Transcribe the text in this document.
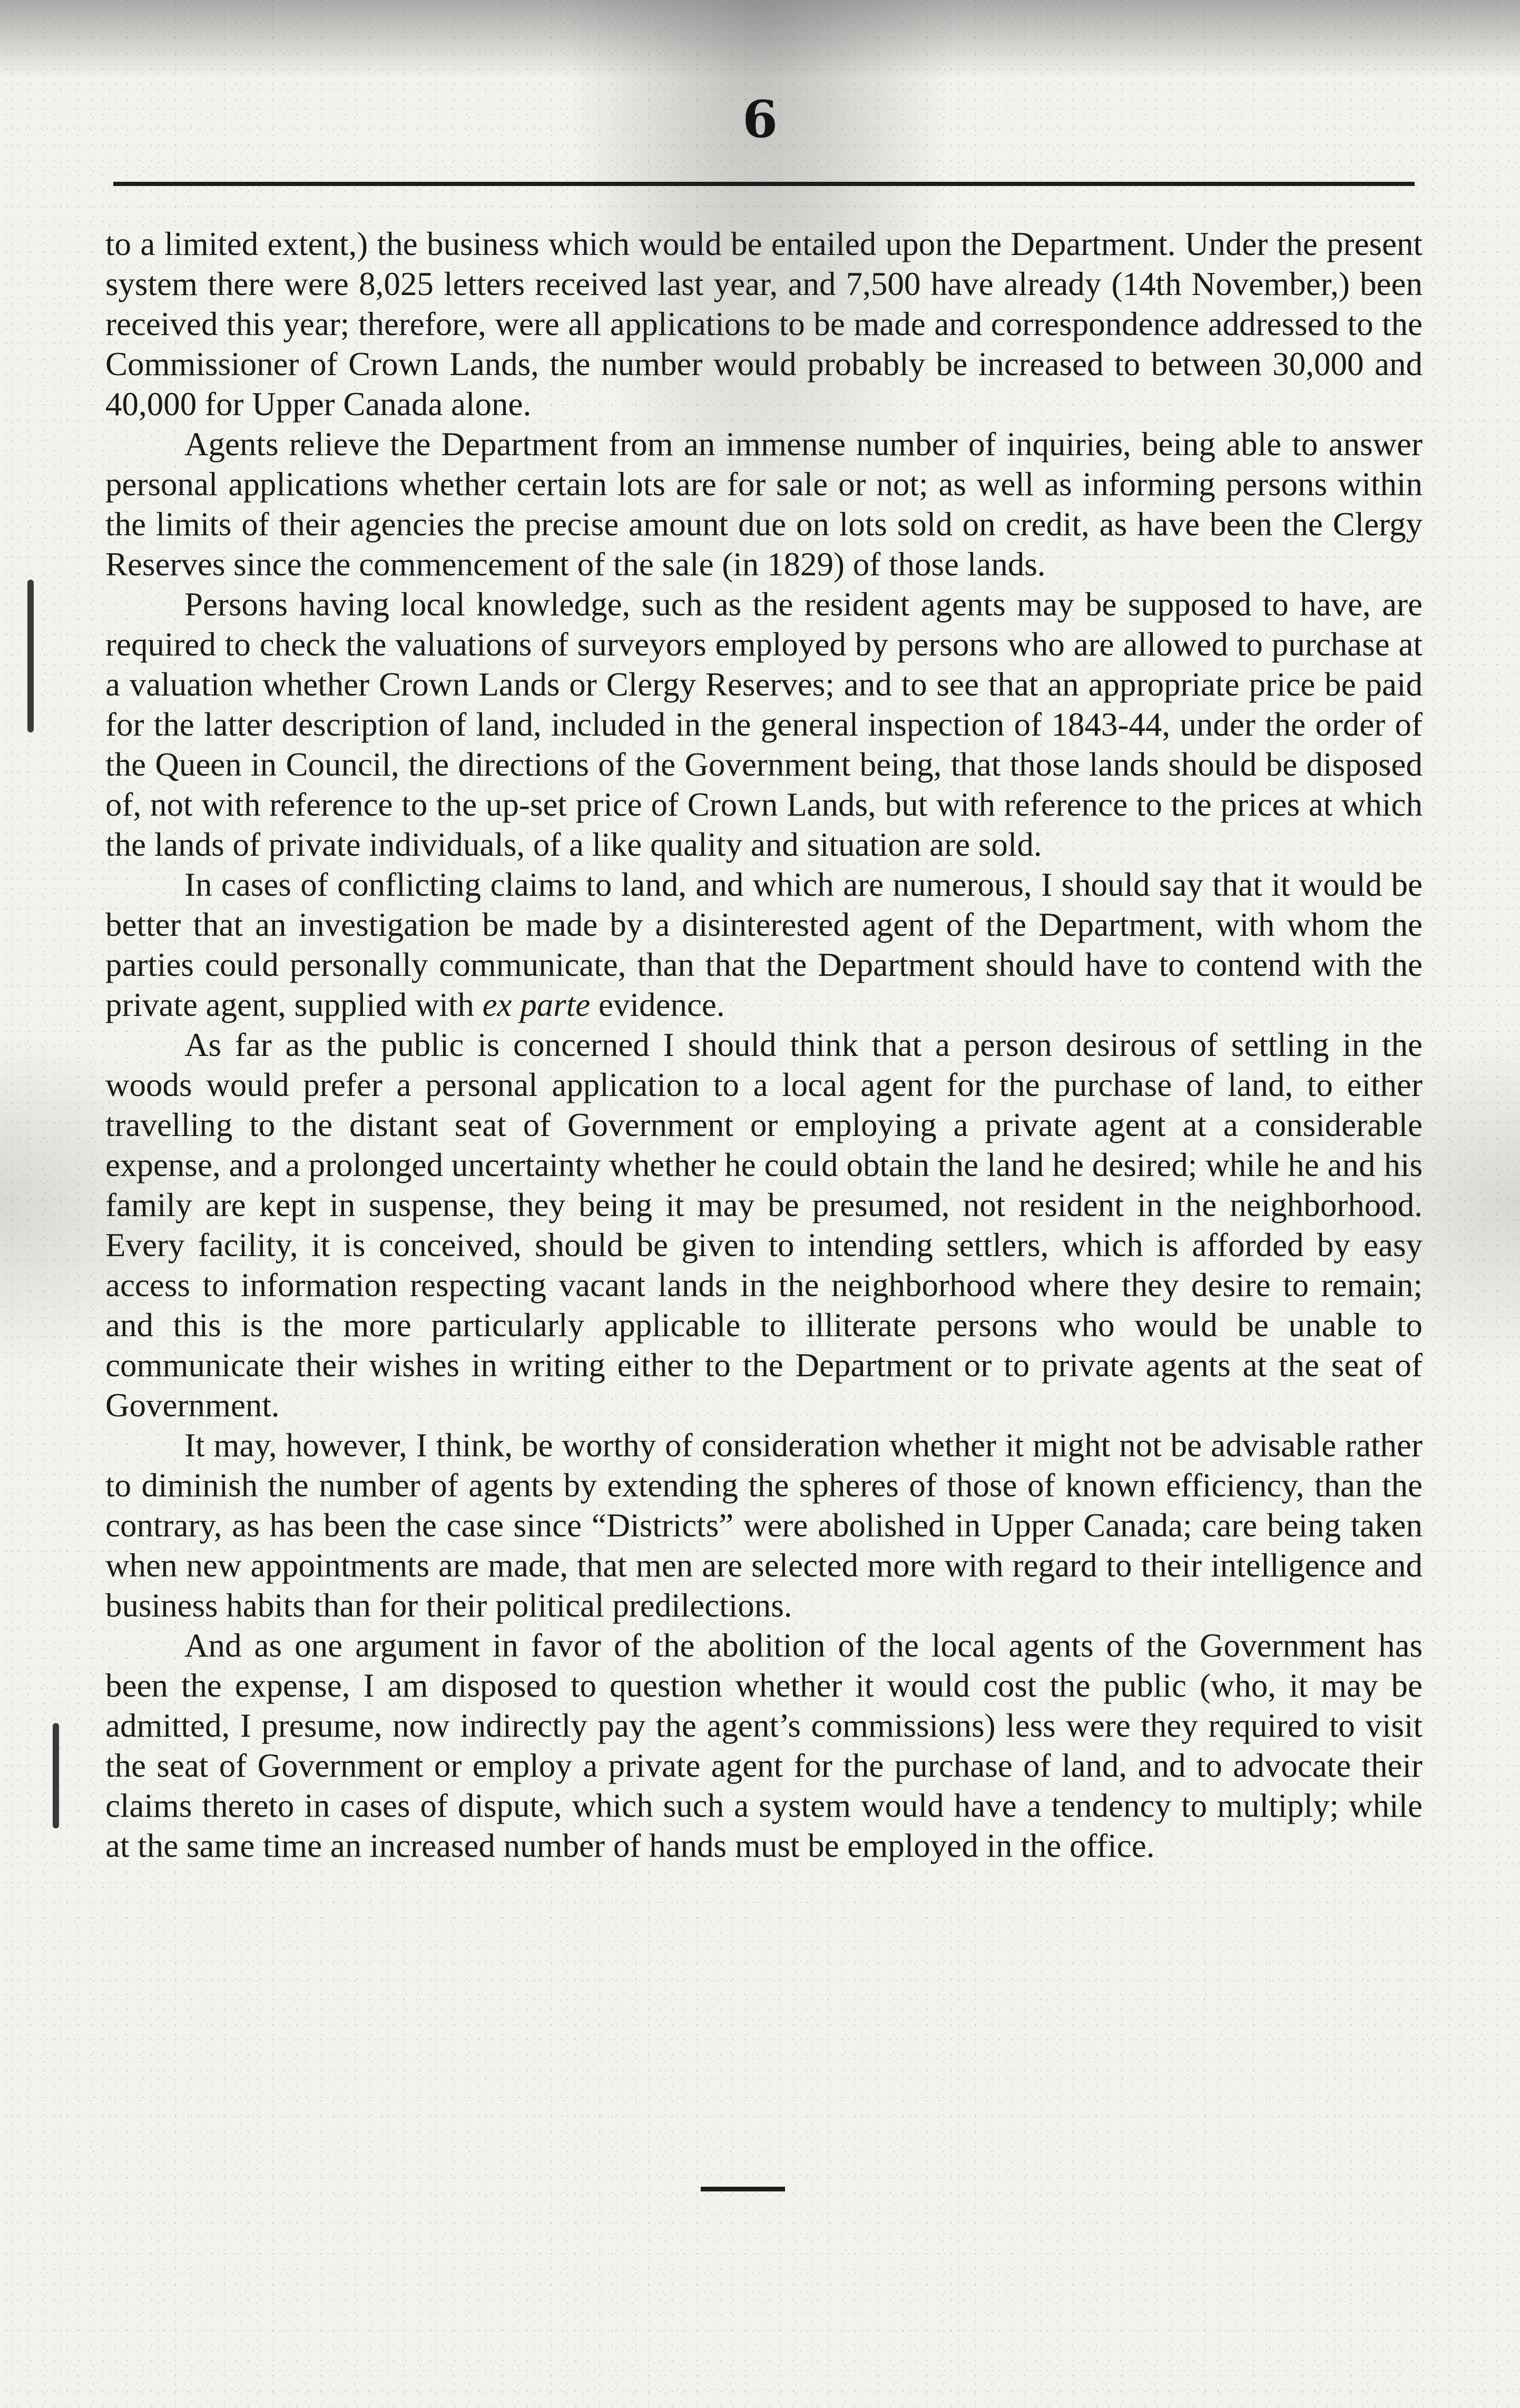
6

to a limited extent,) the business which would be entailed upon the Department. Under the present system there were 8,025 letters received last year, and 7,500 have already (14th November,) been received this year; therefore, were all applications to be made and correspondence addressed to the Commissioner of Crown Lands, the number would probably be increased to between 30,000 and 40,000 for Upper Canada alone.

Agents relieve the Department from an immense number of inquiries, being able to answer personal applications whether certain lots are for sale or not; as well as informing persons within the limits of their agencies the precise amount due on lots sold on credit, as have been the Clergy Reserves since the commencement of the sale (in 1829) of those lands.

Persons having local knowledge, such as the resident agents may be supposed to have, are required to check the valuations of surveyors employed by persons who are allowed to purchase at a valuation whether Crown Lands or Clergy Reserves; and to see that an appropriate price be paid for the latter description of land, included in the general inspection of 1843-44, under the order of the Queen in Council, the directions of the Government being, that those lands should be disposed of, not with reference to the up-set price of Crown Lands, but with reference to the prices at which the lands of private individuals, of a like quality and situation are sold.

In cases of conflicting claims to land, and which are numerous, I should say that it would be better that an investigation be made by a disinterested agent of the Department, with whom the parties could personally communicate, than that the Department should have to contend with the private agent, supplied with ex parte evidence.

As far as the public is concerned I should think that a person desirous of settling in the woods would prefer a personal application to a local agent for the purchase of land, to either travelling to the distant seat of Government or employing a private agent at a considerable expense, and a prolonged uncertainty whether he could obtain the land he desired; while he and his family are kept in suspense, they being it may be presumed, not resident in the neighborhood. Every facility, it is conceived, should be given to intending settlers, which is afforded by easy access to information respecting vacant lands in the neighborhood where they desire to remain; and this is the more particularly applicable to illiterate persons who would be unable to communicate their wishes in writing either to the Department or to private agents at the seat of Government.

It may, however, I think, be worthy of consideration whether it might not be advisable rather to diminish the number of agents by extending the spheres of those of known efficiency, than the contrary, as has been the case since “Districts” were abolished in Upper Canada; care being taken when new appointments are made, that men are selected more with regard to their intelligence and business habits than for their political predilections.

And as one argument in favor of the abolition of the local agents of the Government has been the expense, I am disposed to question whether it would cost the public (who, it may be admitted, I presume, now indirectly pay the agent’s commissions) less were they required to visit the seat of Government or employ a private agent for the purchase of land, and to advocate their claims thereto in cases of dispute, which such a system would have a tendency to multiply; while at the same time an increased number of hands must be employed in the office.
